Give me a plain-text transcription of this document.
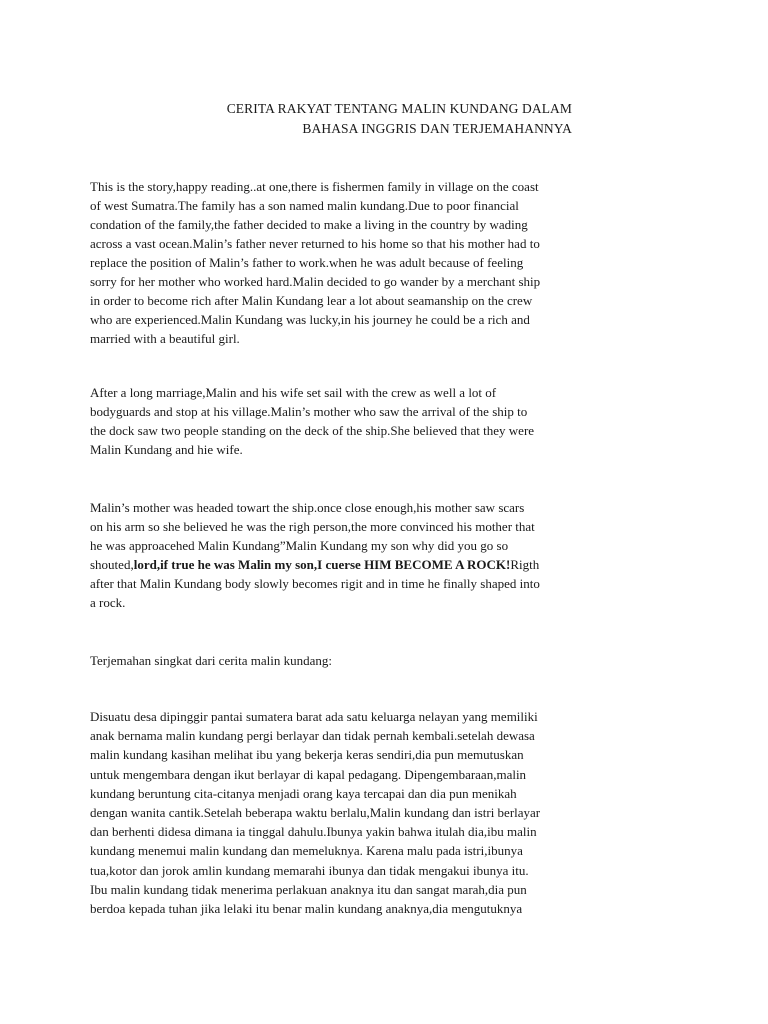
CERITA RAKYAT TENTANG MALIN KUNDANG DALAM
BAHASA INGGRIS DAN TERJEMAHANNYA

This is the story,happy reading..at one,there is fishermen family in village on the coast
of west Sumatra.The family has a son named malin kundang.Due to poor financial
condation of the family,the father decided to make a living in the country by wading
across a vast ocean.Malin’s father never returned to his home so that his mother had to
replace the position of Malin’s father to work.when he was adult because of feeling
sorry for her mother who worked hard.Malin decided to go wander by a merchant ship
in order to become rich after Malin Kundang lear a lot about seamanship on the crew
who are experienced.Malin Kundang was lucky,in his journey he could be a rich and
married with a beautiful girl.

After a long marriage,Malin and his wife set sail with the crew as well a lot of
bodyguards and stop at his village.Malin’s mother who saw the arrival of the ship to
the dock saw two people standing on the deck of the ship.She believed that they were
Malin Kundang and hie wife.

Malin’s mother was headed towart the ship.once close enough,his mother saw scars
on his arm so she believed he was the righ person,the more convinced his mother that
he was approacehed Malin Kundang”Malin Kundang my son why did you go so
shouted,lord,if true he was Malin my son,I cuerse HIM BECOME A ROCK!Rigth
after that Malin Kundang body slowly becomes rigit and in time he finally shaped into
a rock.

Terjemahan singkat dari cerita malin kundang:

Disuatu desa dipinggir pantai sumatera barat ada satu keluarga nelayan yang memiliki
anak bernama malin kundang pergi berlayar dan tidak pernah kembali.setelah dewasa
malin kundang kasihan melihat ibu yang bekerja keras sendiri,dia pun memutuskan
untuk mengembara dengan ikut berlayar di kapal pedagang. Dipengembaraan,malin
kundang beruntung cita-citanya menjadi orang kaya tercapai dan dia pun menikah
dengan wanita cantik.Setelah beberapa waktu berlalu,Malin kundang dan istri berlayar
dan berhenti didesa dimana ia tinggal dahulu.Ibunya yakin bahwa itulah dia,ibu malin
kundang menemui malin kundang dan memeluknya. Karena malu pada istri,ibunya
tua,kotor dan jorok amlin kundang memarahi ibunya dan tidak mengakui ibunya itu.
Ibu malin kundang tidak menerima perlakuan anaknya itu dan sangat marah,dia pun
berdoa kepada tuhan jika lelaki itu benar malin kundang anaknya,dia mengutuknya
